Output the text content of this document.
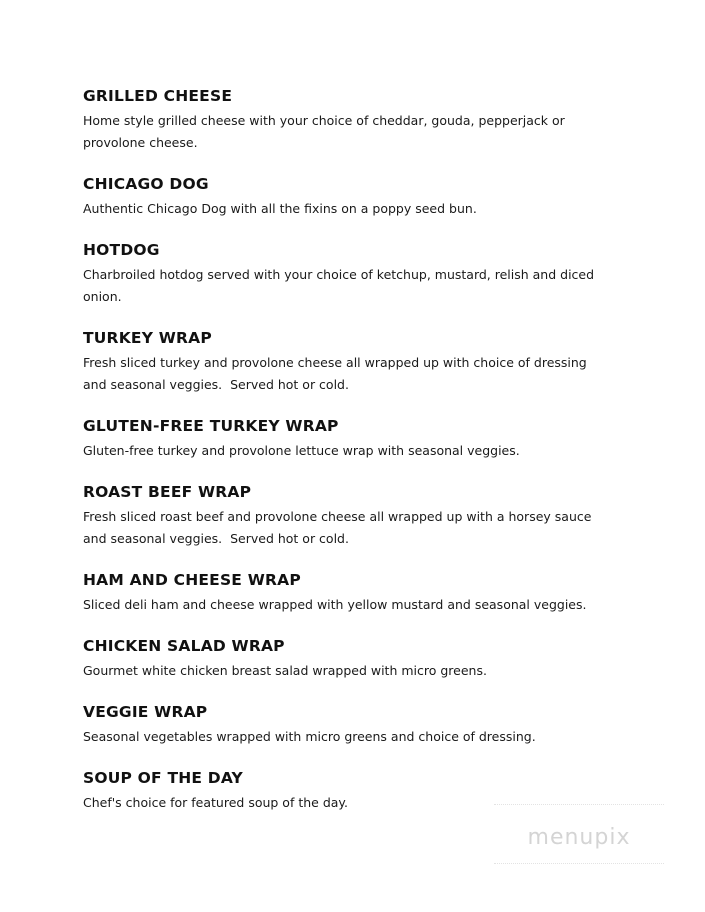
GRILLED CHEESE
Home style grilled cheese with your choice of cheddar, gouda, pepperjack or
provolone cheese.
CHICAGO DOG
Authentic Chicago Dog with all the fixins on a poppy seed bun.
HOTDOG
Charbroiled hotdog served with your choice of ketchup, mustard, relish and diced
onion.
TURKEY WRAP
Fresh sliced turkey and provolone cheese all wrapped up with choice of dressing
and seasonal veggies.  Served hot or cold.
GLUTEN-FREE TURKEY WRAP
Gluten-free turkey and provolone lettuce wrap with seasonal veggies.
ROAST BEEF WRAP
Fresh sliced roast beef and provolone cheese all wrapped up with a horsey sauce
and seasonal veggies.  Served hot or cold.
HAM AND CHEESE WRAP
Sliced deli ham and cheese wrapped with yellow mustard and seasonal veggies.
CHICKEN SALAD WRAP
Gourmet white chicken breast salad wrapped with micro greens.
VEGGIE WRAP
Seasonal vegetables wrapped with micro greens and choice of dressing.
SOUP OF THE DAY
Chef's choice for featured soup of the day.
menupix
